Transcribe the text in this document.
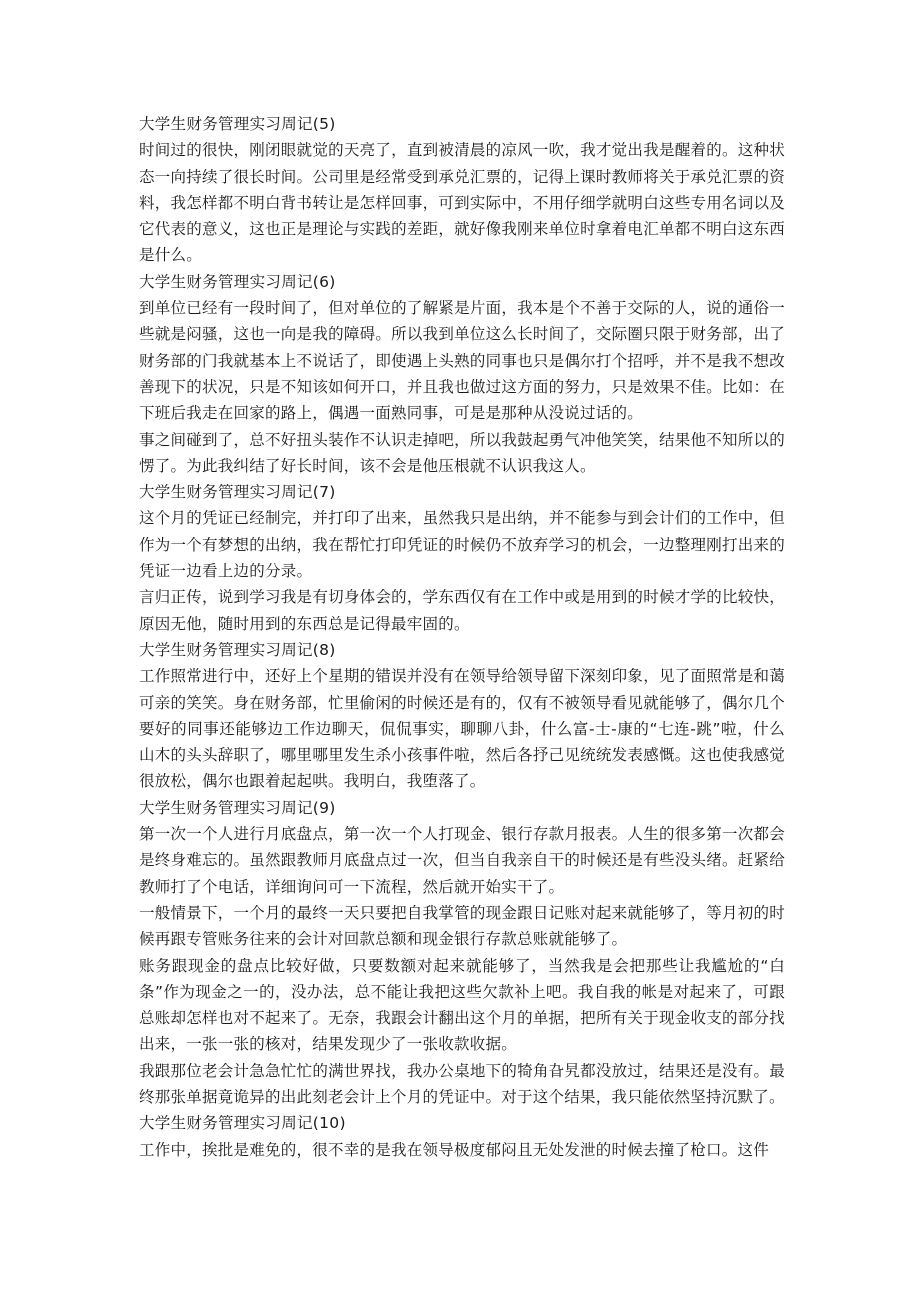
大学生财务管理实习周记(5)

时间过的很快，刚闭眼就觉的天亮了，直到被清晨的凉风一吹，我才觉出我是醒着的。这种状态一向持续了很长时间。公司里是经常受到承兑汇票的，记得上课时教师将关于承兑汇票的资料，我怎样都不明白背书转让是怎样回事，可到实际中，不用仔细学就明白这些专用名词以及它代表的意义，这也正是理论与实践的差距，就好像我刚来单位时拿着电汇单都不明白这东西是什么。

大学生财务管理实习周记(6)

到单位已经有一段时间了，但对单位的了解紧是片面，我本是个不善于交际的人，说的通俗一些就是闷骚，这也一向是我的障碍。所以我到单位这么长时间了，交际圈只限于财务部，出了财务部的门我就基本上不说话了，即使遇上头熟的同事也只是偶尔打个招呼，并不是我不想改善现下的状况，只是不知该如何开口，并且我也做过这方面的努力，只是效果不佳。比如：在下班后我走在回家的路上，偶遇一面熟同事，可是是那种从没说过话的。

事之间碰到了，总不好扭头装作不认识走掉吧，所以我鼓起勇气冲他笑笑，结果他不知所以的愣了。为此我纠结了好长时间，该不会是他压根就不认识我这人。

大学生财务管理实习周记(7)

这个月的凭证已经制完，并打印了出来，虽然我只是出纳，并不能参与到会计们的工作中，但作为一个有梦想的出纳，我在帮忙打印凭证的时候仍不放弃学习的机会，一边整理刚打出来的凭证一边看上边的分录。

言归正传，说到学习我是有切身体会的，学东西仅有在工作中或是用到的时候才学的比较快，原因无他，随时用到的东西总是记得最牢固的。

大学生财务管理实习周记(8)

工作照常进行中，还好上个星期的错误并没有在领导给领导留下深刻印象，见了面照常是和蔼可亲的笑笑。身在财务部，忙里偷闲的时候还是有的，仅有不被领导看见就能够了，偶尔几个要好的同事还能够边工作边聊天，侃侃事实，聊聊八卦，什么富-士-康的“七连-跳”啦，什么山木的头头辞职了，哪里哪里发生杀小孩事件啦，然后各抒己见统统发表感慨。这也使我感觉很放松，偶尔也跟着起起哄。我明白，我堕落了。

大学生财务管理实习周记(9)

第一次一个人进行月底盘点，第一次一个人打现金、银行存款月报表。人生的很多第一次都会是终身难忘的。虽然跟教师月底盘点过一次，但当自我亲自干的时候还是有些没头绪。赶紧给教师打了个电话，详细询问可一下流程，然后就开始实干了。

一般情景下，一个月的最终一天只要把自我掌管的现金跟日记账对起来就能够了，等月初的时候再跟专管账务往来的会计对回款总额和现金银行存款总账就能够了。

账务跟现金的盘点比较好做，只要数额对起来就能够了，当然我是会把那些让我尴尬的“白条”作为现金之一的，没办法，总不能让我把这些欠款补上吧。我自我的帐是对起来了，可跟总账却怎样也对不起来了。无奈，我跟会计翻出这个月的单据，把所有关于现金收支的部分找出来，一张一张的核对，结果发现少了一张收款收据。

我跟那位老会计急急忙忙的满世界找，我办公桌地下的犄角旮旯都没放过，结果还是没有。最终那张单据竟诡异的出此刻老会计上个月的凭证中。对于这个结果，我只能依然坚持沉默了。

大学生财务管理实习周记(10)

工作中，挨批是难免的，很不幸的是我在领导极度郁闷且无处发泄的时候去撞了枪口。这件
